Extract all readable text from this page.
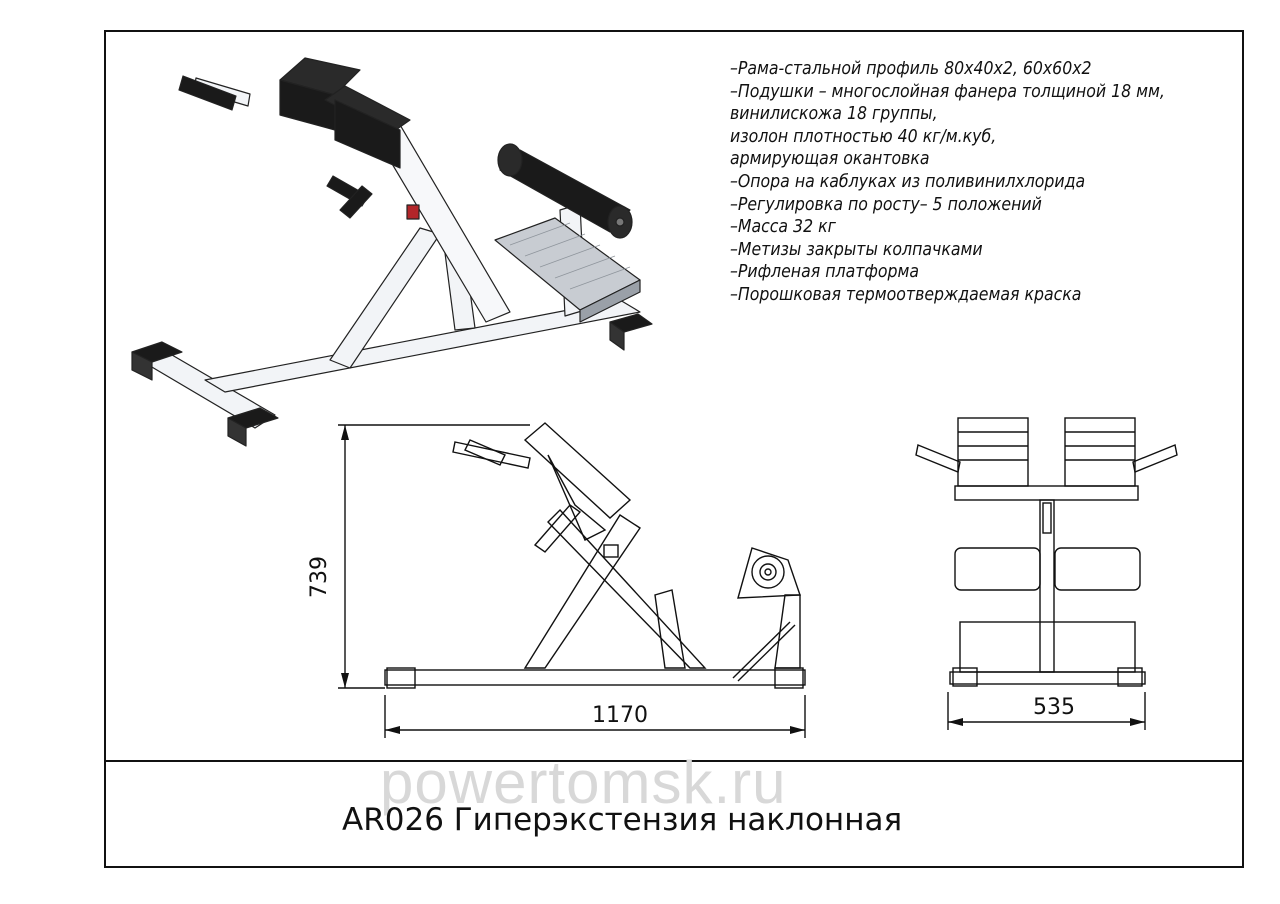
–Рама-стальной профиль 80x40x2, 60x60x2
–Подушки – многослойная фанера толщиной 18 мм,
винилискожа 18 группы,
изолон плотностью 40 кг/м.куб,
армирующая окантовка
–Опора на каблуках из поливинилхлорида
–Регулировка по росту– 5 положений
–Масса 32 кг
–Метизы закрыты колпачками
–Рифленая платформа
–Порошковая термоотверждаемая краска
739
1170	535
powertomsk.ru
AR026 Гиперэкстензия наклонная
